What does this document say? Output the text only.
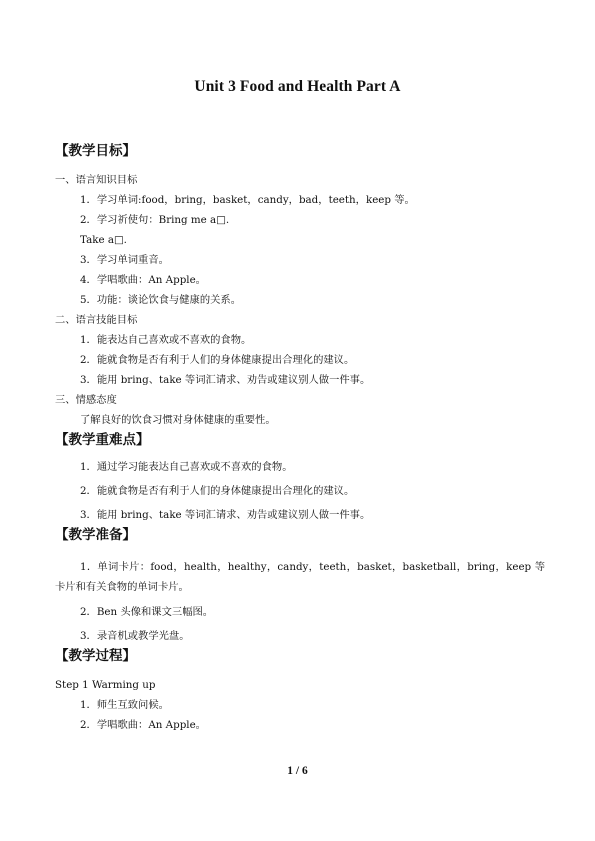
Unit 3 Food and Health Part A
【教学目标】
一、语言知识目标
1．学习单词:food，bring，basket，candy，bad，teeth，keep 等。
2．学习祈使句：Bring me a□.
Take a□.
3．学习单词重音。
4．学唱歌曲：An Apple。
5．功能：谈论饮食与健康的关系。
二、语言技能目标
1．能表达自己喜欢或不喜欢的食物。
2．能就食物是否有利于人们的身体健康提出合理化的建议。
3．能用 bring、take 等词汇请求、劝告或建议别人做一件事。
三、情感态度
了解良好的饮食习惯对身体健康的重要性。
【教学重难点】
1．通过学习能表达自己喜欢或不喜欢的食物。
2．能就食物是否有利于人们的身体健康提出合理化的建议。
3．能用 bring、take 等词汇请求、劝告或建议别人做一件事。
【教学准备】
1．单词卡片：food，health，healthy，candy，teeth，basket，basketball，bring，keep 等卡片和有关食物的单词卡片。
2．Ben 头像和课文三幅图。
3．录音机或教学光盘。
【教学过程】
Step 1 Warming up
1．师生互致问候。
2．学唱歌曲：An Apple。
1 / 6
